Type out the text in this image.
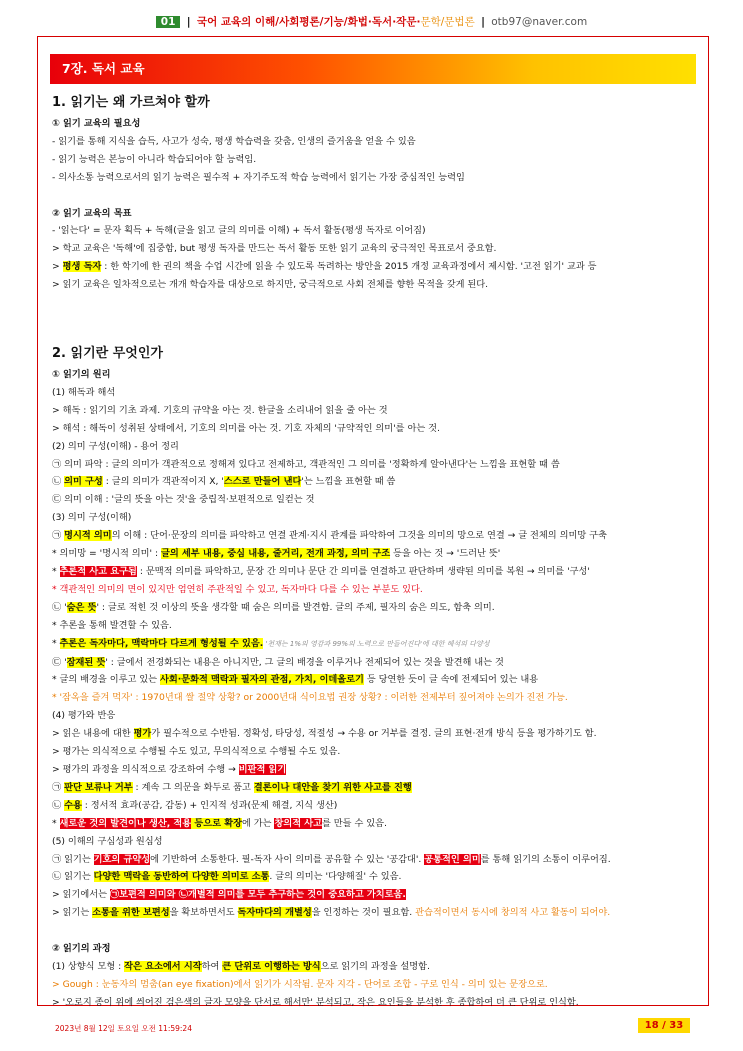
01 | 국어 교육의 이해/사회평론/기능/화법·독서·작문·문학/문법론 | otb97@naver.com
7장. 독서 교육
1. 읽기는 왜 가르쳐야 할까
① 읽기 교육의 필요성
- 읽기를 통해 지식을 습득, 사고가 성숙, 평생 학습력을 갖춤, 인생의 즐거움을 얻을 수 있음
- 읽기 능력은 본능이 아니라 학습되어야 할 능력임.
- 의사소통 능력으로서의 읽기 능력은 필수적 + 자기주도적 학습 능력에서 읽기는 가장 중심적인 능력임
② 읽기 교육의 목표
- '읽는다' = 문자 획득 + 독해(글을 읽고 글의 의미를 이해) + 독서 활동(평생 독자로 이어짐)
> 학교 교육은 '독해'에 집중함, but 평생 독자를 만드는 독서 활동 또한 읽기 교육의 궁극적인 목표로서 중요함.
> 평생 독자 : 한 학기에 한 권의 책을 수업 시간에 읽을 수 있도록 독려하는 방안을 2015 개정 교육과정에서 제시함. '고전 읽기' 교과 등
> 읽기 교육은 일차적으로는 개개 학습자를 대상으로 하지만, 궁극적으로 사회 전체를 향한 목적을 갖게 된다.
2. 읽기란 무엇인가
① 읽기의 원리
(1) 해독과 해석
> 해독 : 읽기의 기초 과제. 기호의 규약을 아는 것. 한글을 소리내어 읽을 줄 아는 것
> 해석 : 해독이 성취된 상태에서, 기호의 의미를 아는 것. 기호 자체의 '규약적인 의미'를 아는 것.
(2) 의미 구성(이해) - 용어 정리
㉠ 의미 파악 : 글의 의미가 객관적으로 정해져 있다고 전제하고, 객관적인 그 의미를 '정확하게 알아낸다'는 느낌을 표현할 때 씀
㉡ 의미 구성 : 글의 의미가 객관적이지 X, '스스로 만들어 낸다'는 느낌을 표현할 때 씀
㉢ 의미 이해 : '글의 뜻을 아는 것'을 중립적·보편적으로 일컫는 것
(3) 의미 구성(이해)
㉠ 명시적 의미의 이해 : 단어·문장의 의미를 파악하고 연결 관계·지시 관계를 파악하여 그것을 의미의 망으로 연결 → 글 전체의 의미망 구축
* 의미망 = '명시적 의미' : 글의 세부 내용, 중심 내용, 줄거리, 전개 과정, 의미 구조 등을 아는 것 → '드러난 뜻'
* 추론적 사고 요구됨 : 문맥적 의미를 파악하고, 문장 간 의미나 문단 간 의미를 연결하고 판단하며 생략된 의미를 복원 → 의미를 '구성'
* 객관적인 의미의 면이 있지만 엄연히 주관적일 수 있고, 독자마다 다를 수 있는 부분도 있다.
㉡ '숨은 뜻' : 글로 적힌 것 이상의 뜻을 생각할 때 숨은 의미를 발견함. 글의 주제, 필자의 숨은 의도, 함축 의미.
* 추론을 통해 발견할 수 있음.
* 추론은 독자마다, 맥락마다 다르게 형성될 수 있음. '천재는 1%의 영감과 99%의 노력으로 만들어진다'에 대한 해석의 다양성
㉢ '잠재된 뜻' : 글에서 전경화되는 내용은 아니지만, 그 글의 배경을 이루거나 전제되어 있는 것을 발견해 내는 것
* 글의 배경을 이루고 있는 사회·문화적 맥락과 필자의 관점, 가치, 이데올로기 등 당연한 듯이 글 속에 전제되어 있는 내용
* '잠옥을 즐겨 먹자' : 1970년대 쌀 절약 상황? or 2000년대 식이요법 권장 상황? : 이러한 전제부터 짚어져야 논의가 진전 가능.
(4) 평가와 반응
> 읽은 내용에 대한 평가가 필수적으로 수반됨. 정확성, 타당성, 적절성 → 수용 or 거부를 결정. 글의 표현·전개 방식 등을 평가하기도 함.
> 평가는 의식적으로 수행될 수도 있고, 무의식적으로 수행될 수도 있음.
> 평가의 과정을 의식적으로 강조하여 수행 → 비판적 읽기
㉠ 판단 보류나 거부 : 계속 그 의문을 화두로 품고 결론이나 대안을 찾기 위한 사고를 진행
㉡ 수용 : 정서적 효과(공감, 감동) + 인지적 성과(문제 해결, 지식 생산)
* 새로운 것의 발견이나 생산, 적용 등으로 확장에 가는 창의적 사고를 만들 수 있음.
(5) 이해의 구심성과 원심성
㉠ 읽기는 기호의 규약성에 기반하여 소통한다. 필-독자 사이 의미를 공유할 수 있는 '공감대'. 공통적인 의미를 통해 읽기의 소통이 이루어짐.
㉡ 읽기는 다양한 맥락을 동반하여 다양한 의미로 소통. 글의 의미는 '다양해질' 수 있음.
> 읽기에서는 ㉠보편적 의미와 ㉡개별적 의미를 모두 추구하는 것이 중요하고 가치로움.
> 읽기는 소통을 위한 보편성을 확보하면서도 독자마다의 개별성을 인정하는 것이 필요함. 관습적이면서 동시에 창의적 사고 활동이 되어야.
② 읽기의 과정
(1) 상향식 모형 : 작은 요소에서 시작하여 큰 단위로 이행하는 방식으로 읽기의 과정을 설명함.
> Gough : 눈동자의 멈춤(an eye fixation)에서 읽기가 시작됨. 문자 지각 - 단어로 조합 - 구로 인식 - 의미 있는 문장으로.
> '오로지 종이 위에 씌어진 검은색의 글자 모양을 단서로 해서만' 분석되고, 작은 요인들을 분석한 후 종합하여 더 큰 단위로 인식함.
2023년 8월 12일 토요일 오전 11:59:24	18 / 33
